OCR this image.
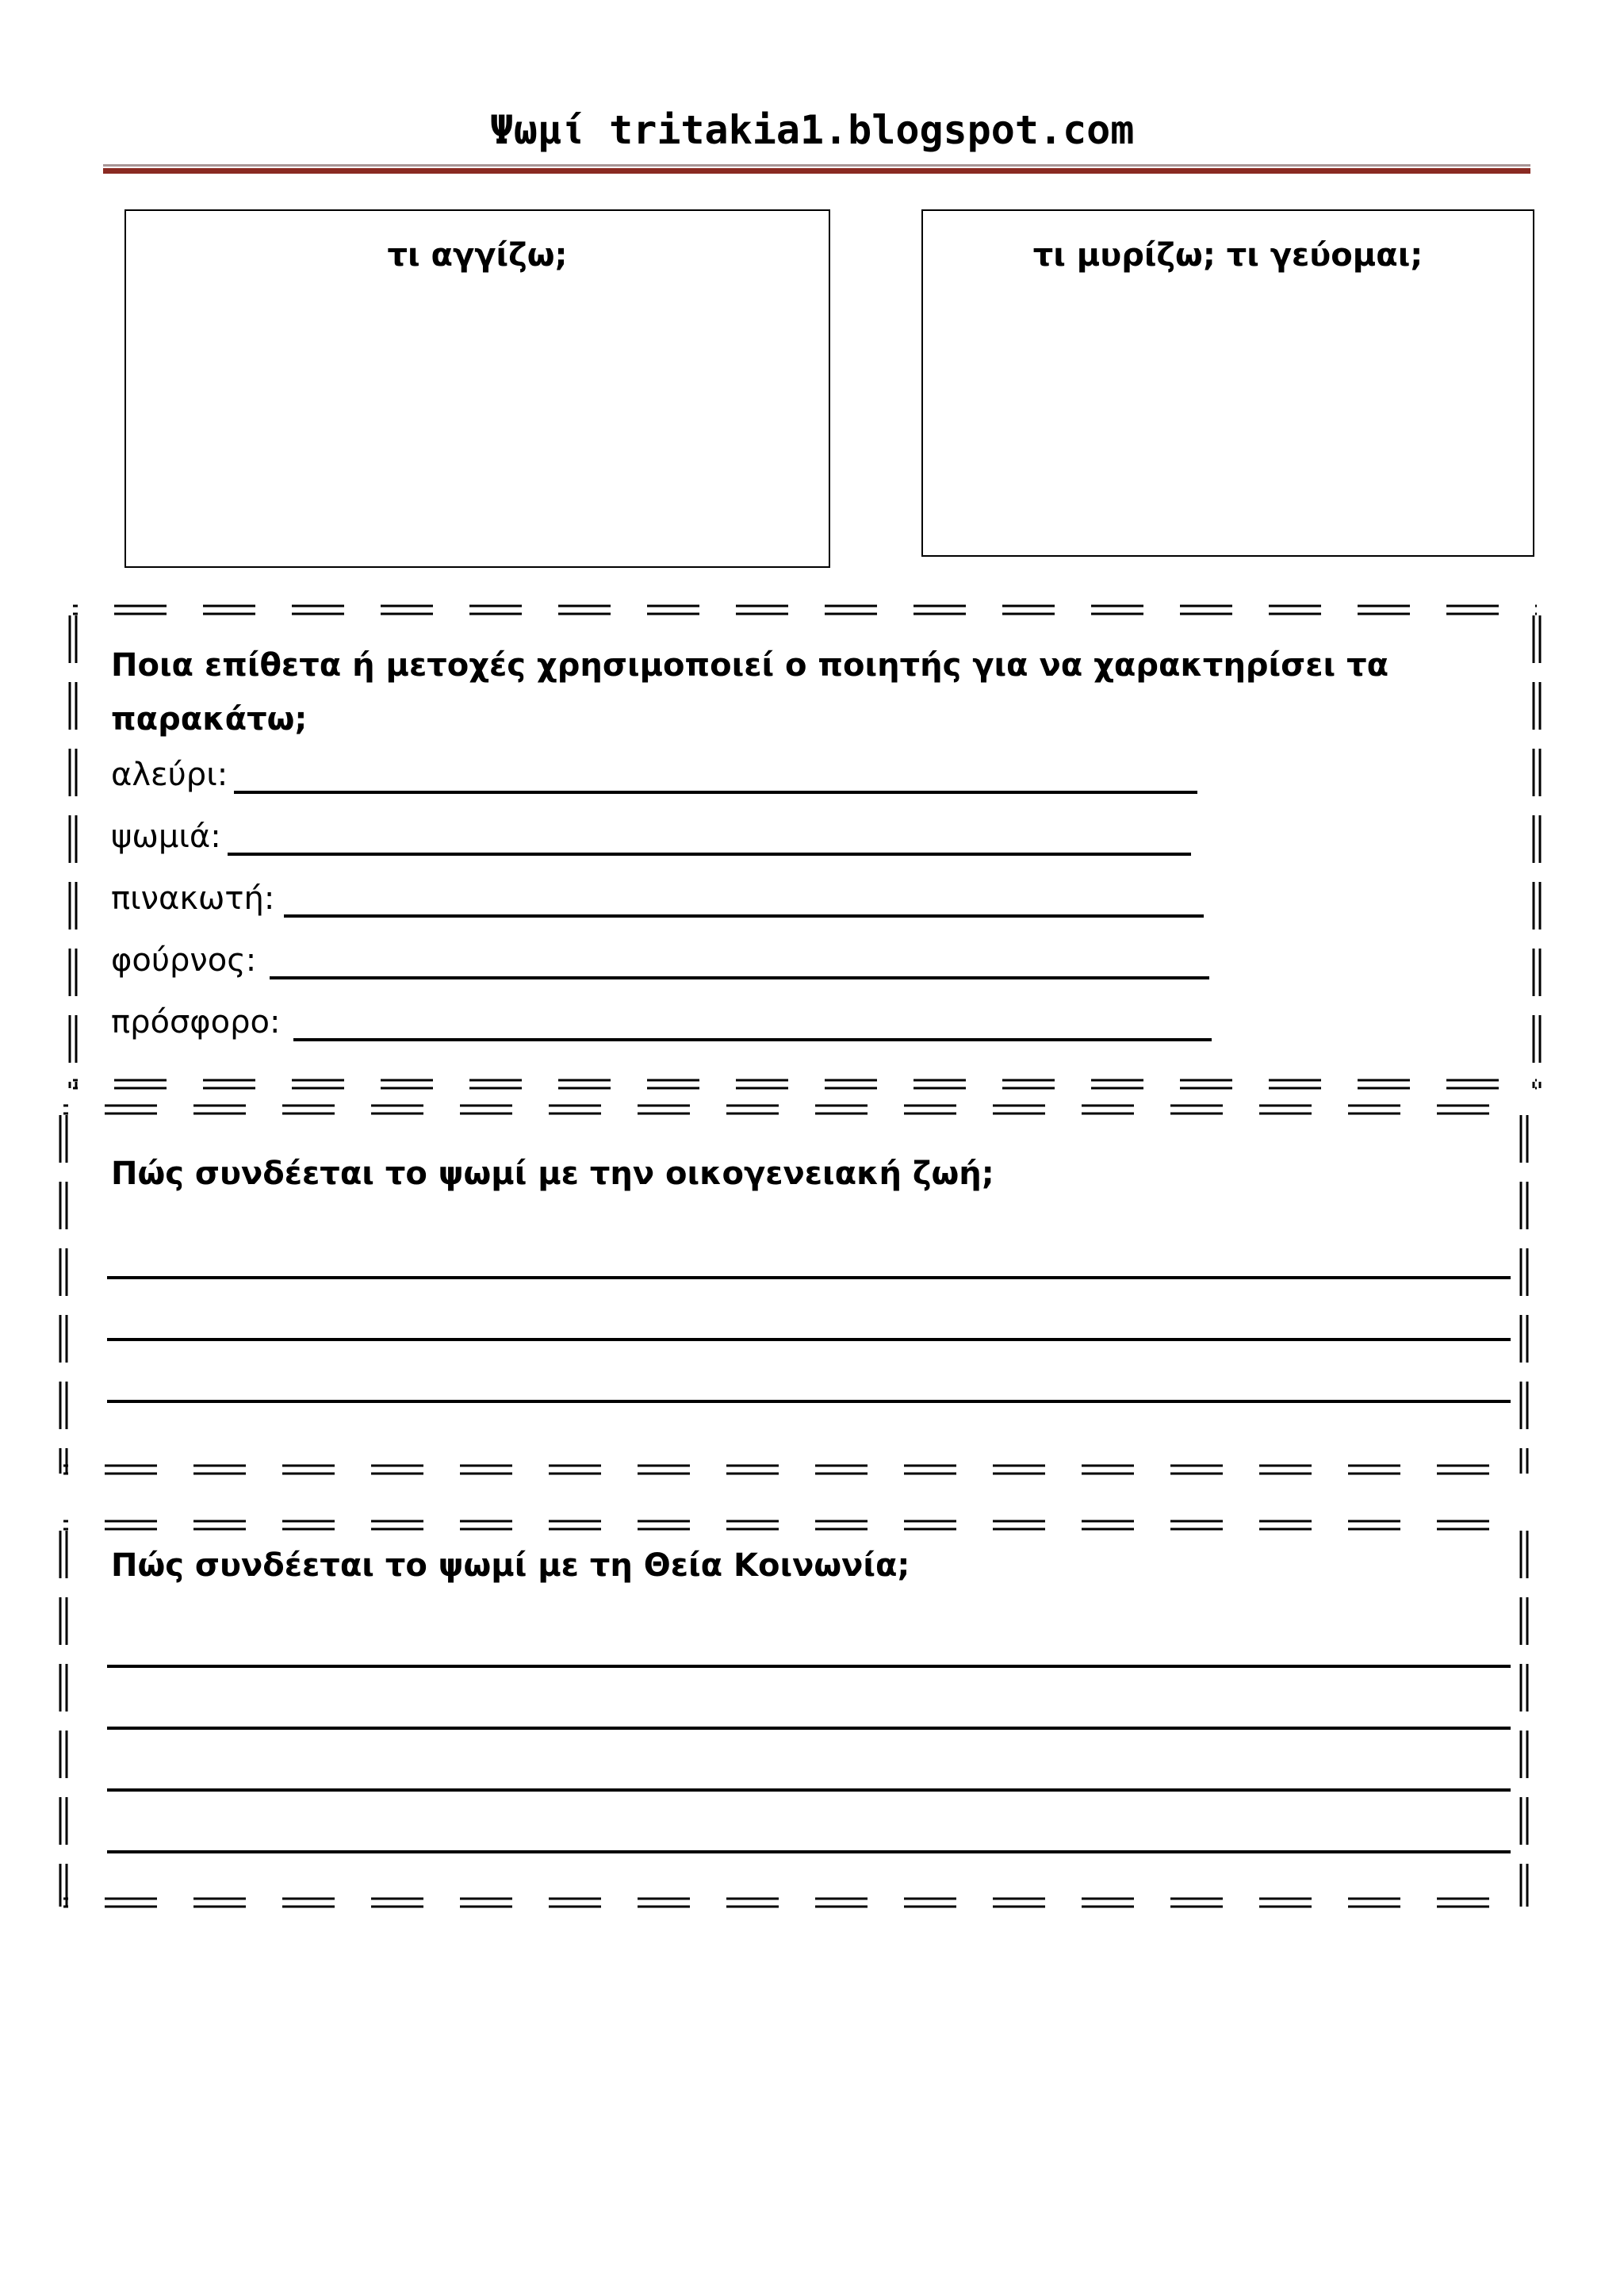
Ψωμί tritakia1.blogspot.com
τι αγγίζω;	τι μυρίζω; τι γεύομαι;
Ποια επίθετα ή μετοχές χρησιμοποιεί ο ποιητής για να χαρακτηρίσει τα
παρακάτω;
αλεύρι:
ψωμιά:
πινακωτή:
φούρνος:
πρόσφορο:
Πώς συνδέεται το ψωμί με την οικογενειακή ζωή;
Πώς συνδέεται το ψωμί με τη Θεία Κοινωνία;
